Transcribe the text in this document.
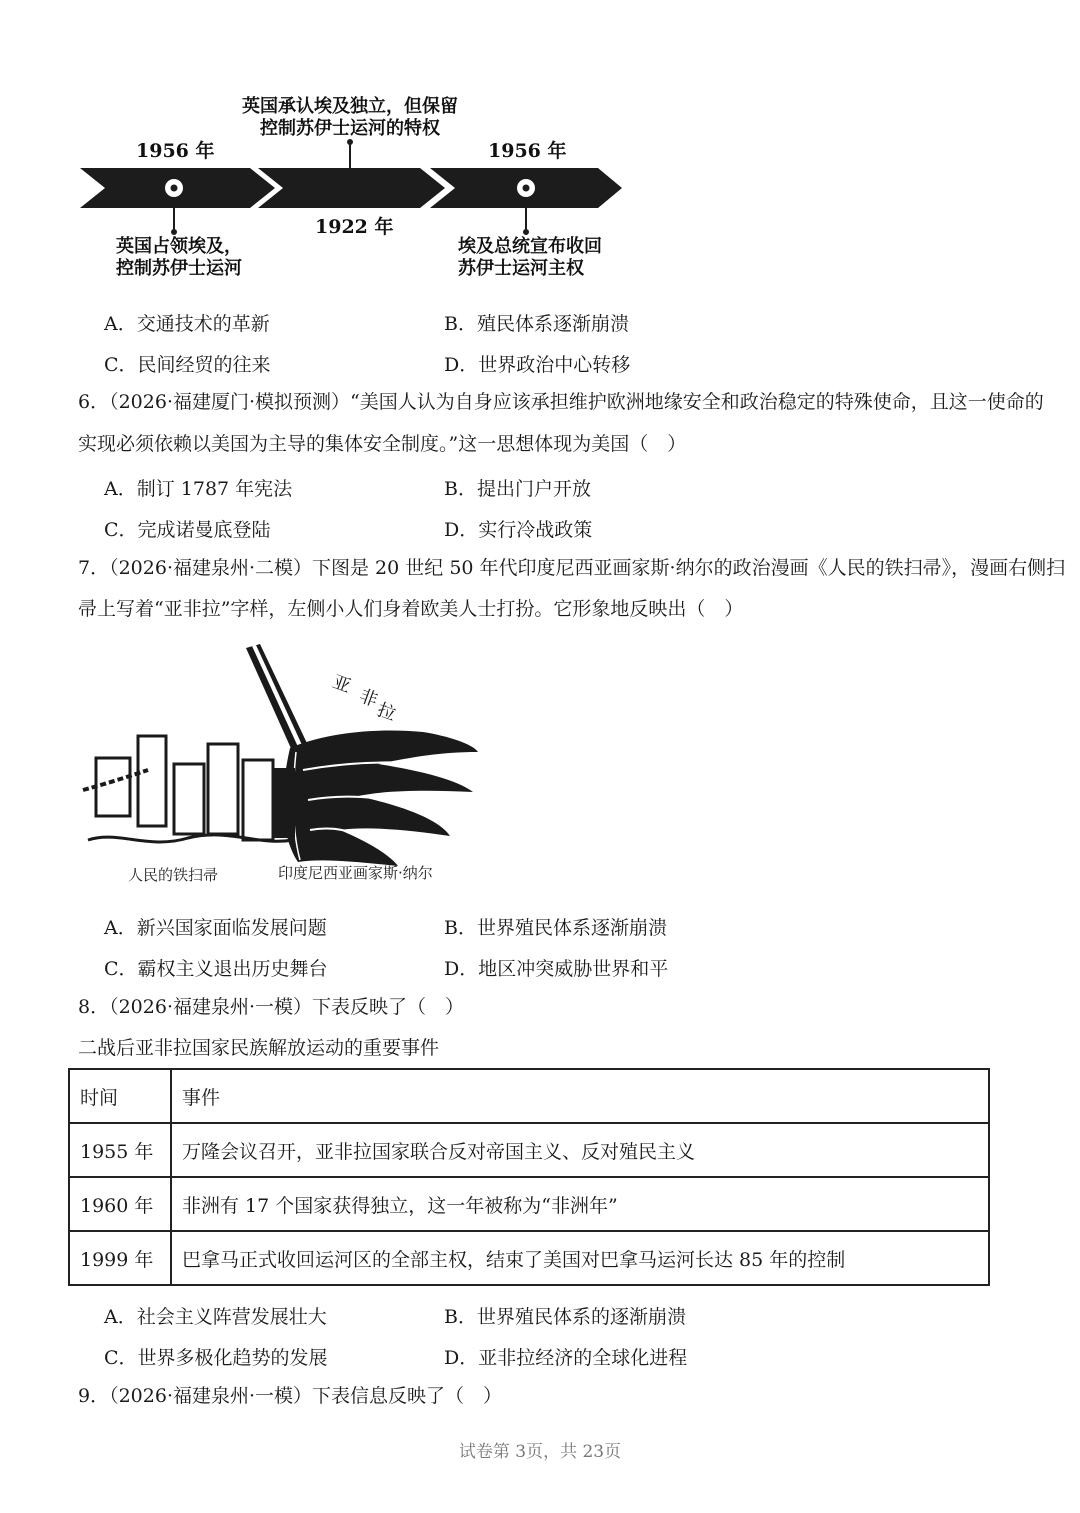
英国承认埃及独立，但保留
控制苏伊士运河的特权
1956 年
1922 年
1956 年
英国占领埃及，
控制苏伊士运河
埃及总统宣布收回
苏伊士运河主权
A．交通技术的革新	B．殖民体系逐渐崩溃
C．民间经贸的往来	D．世界政治中心转移
6．（2026·福建厦门·模拟预测）“美国人认为自身应该承担维护欧洲地缘安全和政治稳定的特殊使命，且这一使命的
实现必须依赖以美国为主导的集体安全制度。”这一思想体现为美国（　）
A．制订 1787 年宪法	B．提出门户开放
C．完成诺曼底登陆	D．实行冷战政策
7．（2026·福建泉州·二模）下图是 20 世纪 50 年代印度尼西亚画家斯·纳尔的政治漫画《人民的铁扫帚》，漫画右侧扫
帚上写着“亚非拉”字样，左侧小人们身着欧美人士打扮。它形象地反映出（　）
亚
非
拉
人民的铁扫帚	印度尼西亚画家斯·纳尔
A．新兴国家面临发展问题	B．世界殖民体系逐渐崩溃
C．霸权主义退出历史舞台	D．地区冲突威胁世界和平
8．（2026·福建泉州·一模）下表反映了（　）
二战后亚非拉国家民族解放运动的重要事件
时间	事件
1955 年	万隆会议召开，亚非拉国家联合反对帝国主义、反对殖民主义
1960 年	非洲有 17 个国家获得独立，这一年被称为“非洲年”
1999 年	巴拿马正式收回运河区的全部主权，结束了美国对巴拿马运河长达 85 年的控制
A．社会主义阵营发展壮大	B．世界殖民体系的逐渐崩溃
C．世界多极化趋势的发展	D．亚非拉经济的全球化进程
9．（2026·福建泉州·一模）下表信息反映了（　）
试卷第 3页，共 23页
